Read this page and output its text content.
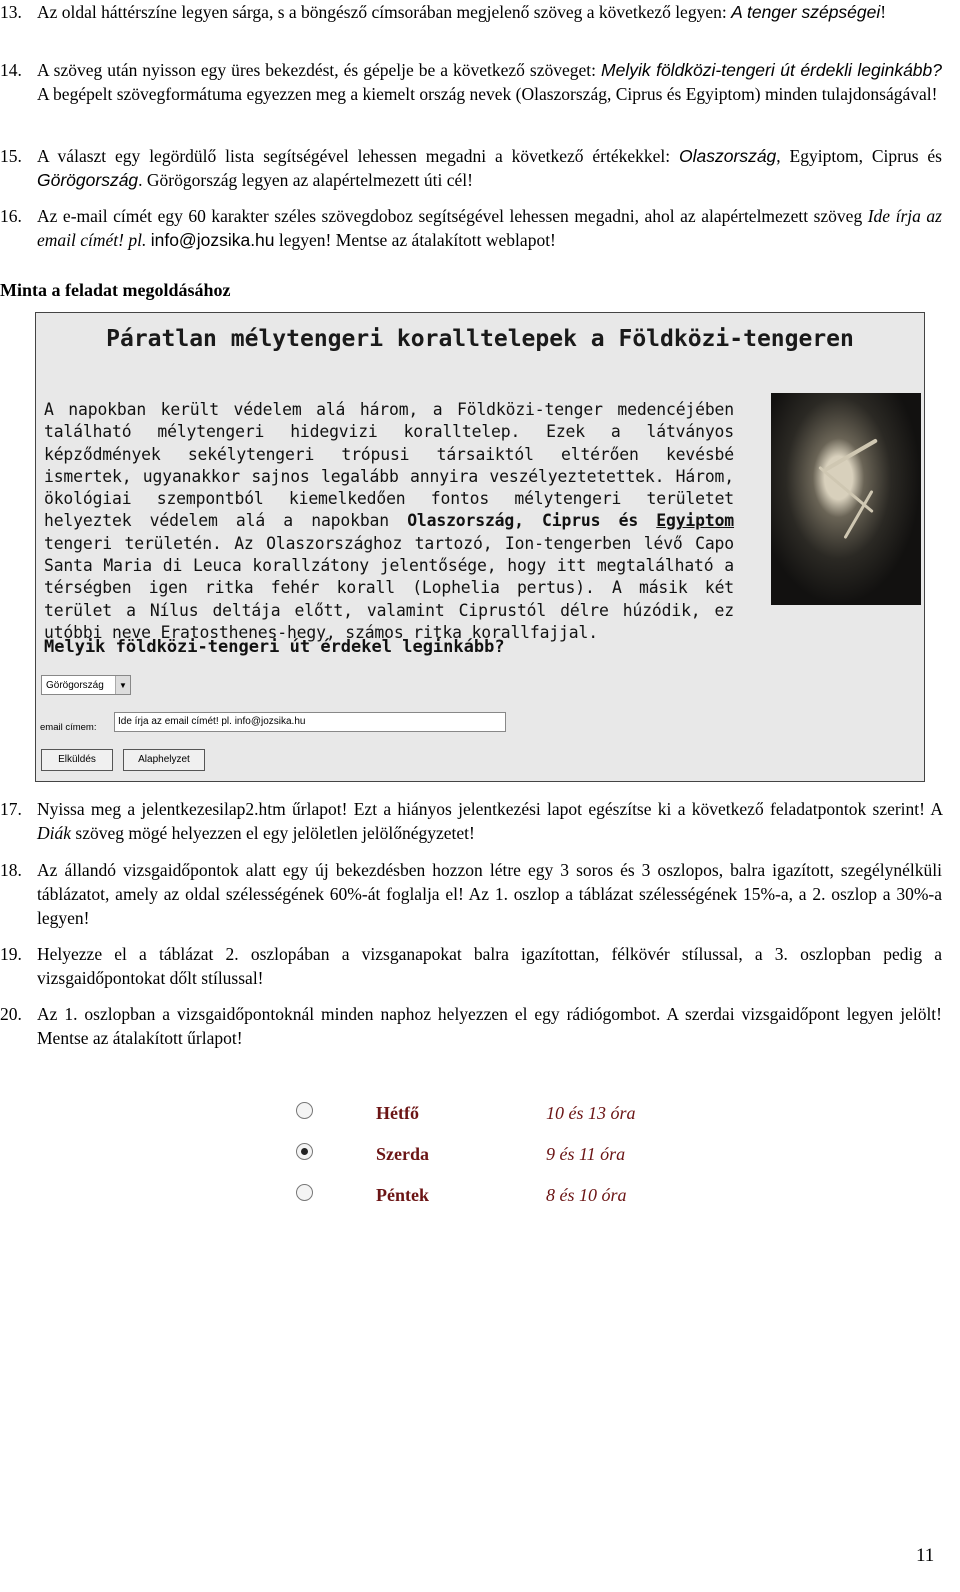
13. Az oldal háttérszíne legyen sárga, s a böngésző címsorában megjelenő szöveg a következő legyen: A tenger szépségei!

14. A szöveg után nyisson egy üres bekezdést, és gépelje be a következő szöveget: Melyik földközi-tengeri út érdekli leginkább? A begépelt szövegformátuma egyezzen meg a kiemelt ország nevek (Olaszország, Ciprus és Egyiptom) minden tulajdonságával!

15. A választ egy legördülő lista segítségével lehessen megadni a következő értékekkel: Olaszország, Egyiptom, Ciprus és Görögország. Görögország legyen az alapértelmezett úti cél!

16. Az e-mail címét egy 60 karakter széles szövegdoboz segítségével lehessen megadni, ahol az alapértelmezett szöveg Ide írja az email címét! pl. info@jozsika.hu legyen! Mentse az átalakított weblapot!

Minta a feladat megoldásához

Páratlan mélytengeri koralltelepek a Földközi-tengeren
A napokban került védelem alá három, a Földközi-tenger medencéjében található mélytengeri hidegvizi koralltelep. Ezek a látványos képződmények sekélytengeri trópusi társaiktól eltérően kevésbé ismertek, ugyanakkor sajnos legalább annyira veszélyeztetettek. Három, ökológiai szempontból kiemelkedően fontos mélytengeri területet helyeztek védelem alá a napokban Olaszország, Ciprus és Egyiptom tengeri területén. Az Olaszországhoz tartozó, Ion-tengerben lévő Capo Santa Maria di Leuca korallzátony jelentősége, hogy itt megtalálható a térségben igen ritka fehér korall (Lophelia pertus). A másik két terület a Nílus deltája előtt, valamint Ciprustól délre húzódik, ez utóbbi neve Eratosthenes-hegy, számos ritka korallfajjal.
Melyik földközi-tengeri út érdekel leginkább?
Görögország	▼
email címem:
Ide írja az email címét! pl. info@jozsika.hu
Elküldés	Alaphelyzet

17. Nyissa meg a jelentkezesilap2.htm űrlapot! Ezt a hiányos jelentkezési lapot egészítse ki a következő feladatpontok szerint! A Diák szöveg mögé helyezzen el egy jelöletlen jelölőnégyzetet!

18. Az állandó vizsgaidőpontok alatt egy új bekezdésben hozzon létre egy 3 soros és 3 oszlopos, balra igazított, szegélynélküli táblázatot, amely az oldal szélességének 60%-át foglalja el! Az 1. oszlop a táblázat szélességének 15%-a, a 2. oszlop a 30%-a legyen!

19. Helyezze el a táblázat 2. oszlopában a vizsganapokat balra igazítottan, félkövér stílussal, a 3. oszlopban pedig a vizsgaidőpontokat dőlt stílussal!

20. Az 1. oszlopban a vizsgaidőpontoknál minden naphoz helyezzen el egy rádiógombot. A szerdai vizsgaidőpont legyen jelölt! Mentse az átalakított űrlapot!

	Hétfő	10 és 13 óra
	Szerda	9 és 11 óra
	Péntek	8 és 10 óra
11
